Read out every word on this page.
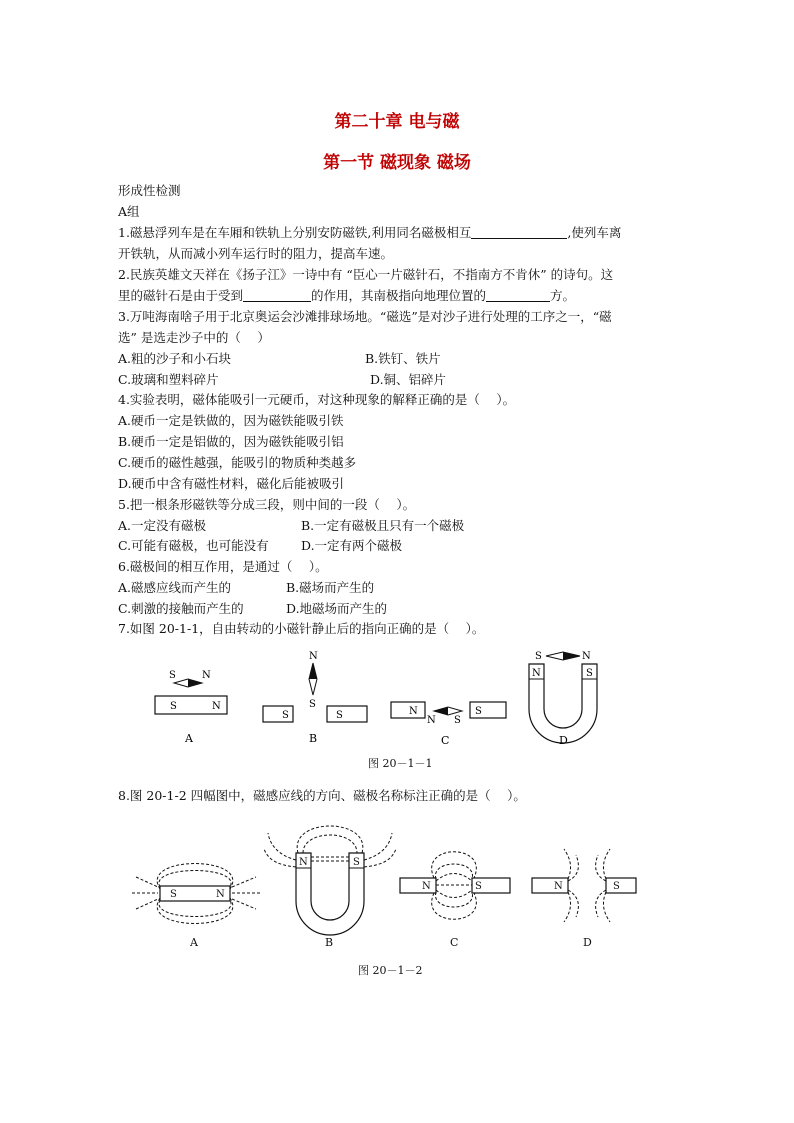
第二十章 电与磁
第一节 磁现象 磁场
形成性检测
A组
1.磁悬浮列车是在车厢和铁轨上分别安防磁铁,利用同名磁极相互	,使列车离
开铁轨，从而减小列车运行时的阻力，提高车速。
2.民族英雄文天祥在《扬子江》一诗中有 “臣心一片磁针石，不指南方不肯休” 的诗句。这
里的磁针石是由于受到	的作用，其南极指向地理位置的	方。
3.万吨海南啥子用于北京奥运会沙滩排球场地。“磁选”是对沙子进行处理的工序之一，“磁
选” 是选走沙子中的（　 ）
A.粗的沙子和小石块	B.铁钉、铁片
C.玻璃和塑料碎片	D.铜、铝碎片
4.实验表明，磁体能吸引一元硬币，对这种现象的解释正确的是（　 ）。
A.硬币一定是铁做的，因为磁铁能吸引铁
B.硬币一定是铝做的，因为磁铁能吸引铝
C.硬币的磁性越强，能吸引的物质种类越多
D.硬币中含有磁性材料，磁化后能被吸引
5.把一根条形磁铁等分成三段，则中间的一段（　 ）。
A.一定没有磁极	B.一定有磁极且只有一个磁极
C.可能有磁极，也可能没有	D.一定有两个磁极
6.磁极间的相互作用，是通过（　 ）。
A.磁感应线而产生的	B.磁场而产生的
C.刺激的接触而产生的	D.地磁场而产生的
7.如图 20-1-1，自由转动的小磁针静止后的指向正确的是（　 ）。
S	N
S	N
A
S	S
N
S
B
N	S
N S
C
N	S
S	N
D
图 20－1－1
8.图 20-1-2 四幅图中，磁感应线的方向、磁极名称标注正确的是（　 ）。
S	N
A
N	S
B
N	S
C
N	S
D
图 20－1－2
